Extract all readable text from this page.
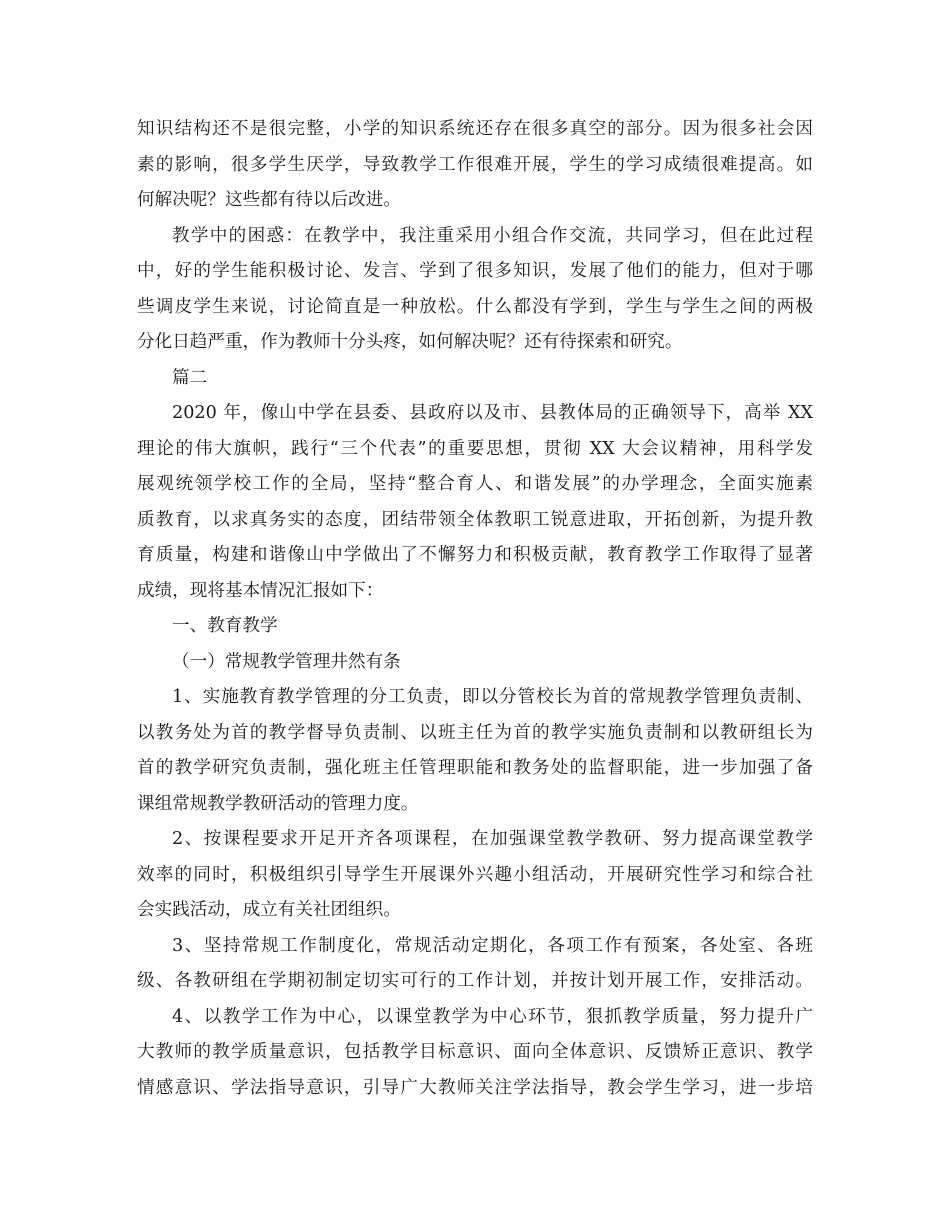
知识结构还不是很完整，小学的知识系统还存在很多真空的部分。因为很多社会因
素的影响，很多学生厌学，导致教学工作很难开展，学生的学习成绩很难提高。如
何解决呢？这些都有待以后改进。
教学中的困惑：在教学中，我注重采用小组合作交流，共同学习，但在此过程
中，好的学生能积极讨论、发言、学到了很多知识，发展了他们的能力，但对于哪
些调皮学生来说，讨论简直是一种放松。什么都没有学到，学生与学生之间的两极
分化日趋严重，作为教师十分头疼，如何解决呢？还有待探索和研究。
篇二
2020 年，像山中学在县委、县政府以及市、县教体局的正确领导下，高举 XX
理论的伟大旗帜，践行“三个代表”的重要思想，贯彻 XX 大会议精神，用科学发
展观统领学校工作的全局，坚持“整合育人、和谐发展”的办学理念，全面实施素
质教育，以求真务实的态度，团结带领全体教职工锐意进取，开拓创新，为提升教
育质量，构建和谐像山中学做出了不懈努力和积极贡献，教育教学工作取得了显著
成绩，现将基本情况汇报如下：
一、教育教学
（一）常规教学管理井然有条
1、实施教育教学管理的分工负责，即以分管校长为首的常规教学管理负责制、
以教务处为首的教学督导负责制、以班主任为首的教学实施负责制和以教研组长为
首的教学研究负责制，强化班主任管理职能和教务处的监督职能，进一步加强了备
课组常规教学教研活动的管理力度。
2、按课程要求开足开齐各项课程，在加强课堂教学教研、努力提高课堂教学
效率的同时，积极组织引导学生开展课外兴趣小组活动，开展研究性学习和综合社
会实践活动，成立有关社团组织。
3、坚持常规工作制度化，常规活动定期化，各项工作有预案，各处室、各班
级、各教研组在学期初制定切实可行的工作计划，并按计划开展工作，安排活动。
4、以教学工作为中心，以课堂教学为中心环节，狠抓教学质量，努力提升广
大教师的教学质量意识，包括教学目标意识、面向全体意识、反馈矫正意识、教学
情感意识、学法指导意识，引导广大教师关注学法指导，教会学生学习，进一步培
